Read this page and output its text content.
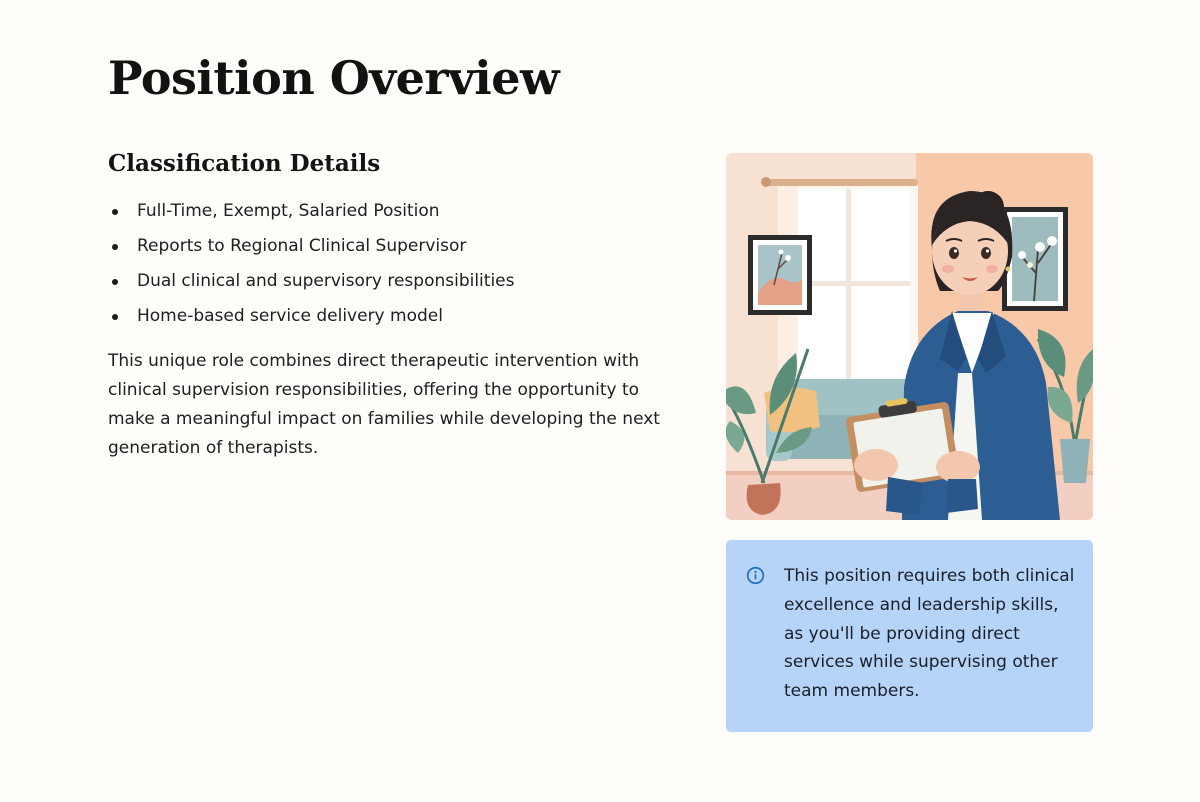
Position Overview
Classification Details
Full-Time, Exempt, Salaried Position
Reports to Regional Clinical Supervisor
Dual clinical and supervisory responsibilities
Home-based service delivery model

This unique role combines direct therapeutic intervention with clinical supervision responsibilities, offering the opportunity to make a meaningful impact on families while developing the next generation of therapists.

This position requires both clinical excellence and leadership skills, as you'll be providing direct services while supervising other team members.
